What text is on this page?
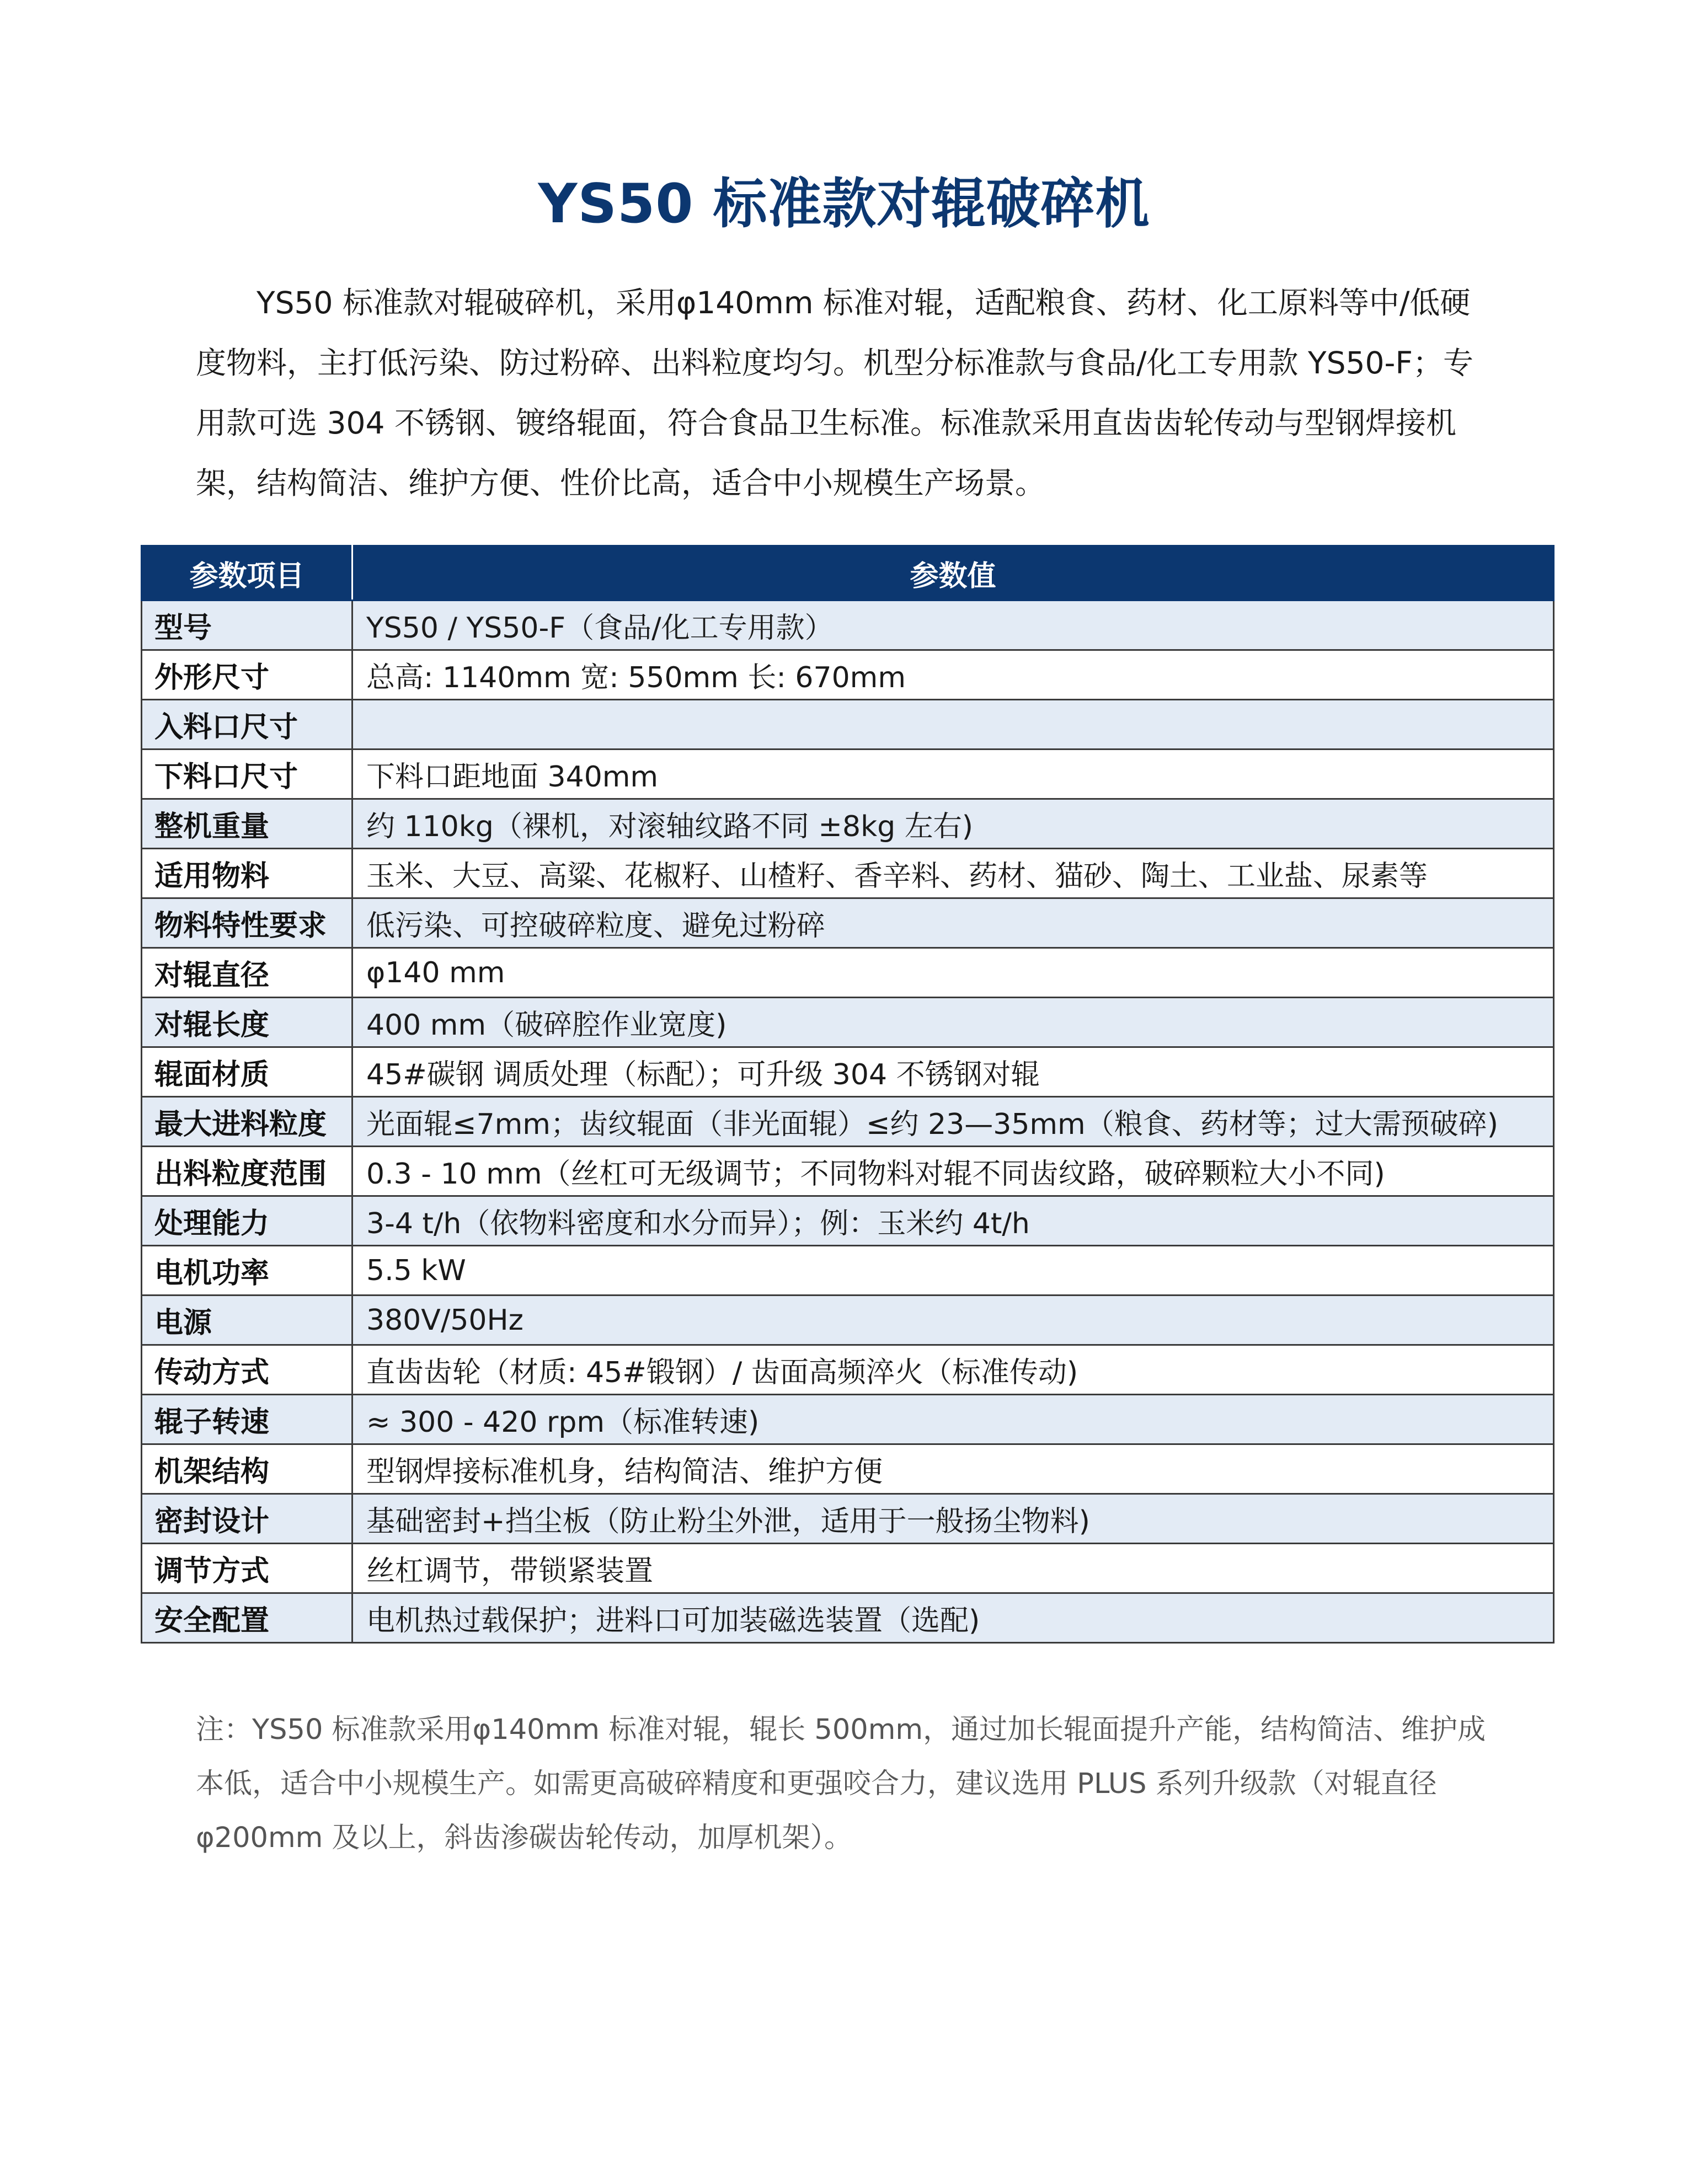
YS50 标准款对辊破碎机

YS50 标准款对辊破碎机，采用φ140mm 标准对辊，适配粮食、药材、化工原料等中/低硬度物料，主打低污染、防过粉碎、出料粒度均匀。机型分标准款与食品/化工专用款 YS50-F；专用款可选 304 不锈钢、镀络辊面，符合食品卫生标准。标准款采用直齿齿轮传动与型钢焊接机架，结构简洁、维护方便、性价比高，适合中小规模生产场景。

参数项目	参数值
型号	YS50 / YS50-F（食品/化工专用款）
外形尺寸	总高: 1140mm 宽: 550mm 长: 670mm
入料口尺寸	
下料口尺寸	下料口距地面 340mm
整机重量	约 110kg（裸机，对滚轴纹路不同 ±8kg 左右)
适用物料	玉米、大豆、高粱、花椒籽、山楂籽、香辛料、药材、猫砂、陶土、工业盐、尿素等
物料特性要求	低污染、可控破碎粒度、避免过粉碎
对辊直径	φ140 mm
对辊长度	400 mm（破碎腔作业宽度)
辊面材质	45#碳钢 调质处理（标配）；可升级 304 不锈钢对辊
最大进料粒度	光面辊≤7mm；齿纹辊面（非光面辊）≤约 23—35mm（粮食、药材等；过大需预破碎)
出料粒度范围	0.3 - 10 mm（丝杠可无级调节；不同物料对辊不同齿纹路，破碎颗粒大小不同)
处理能力	3-4 t/h（依物料密度和水分而异）；例：玉米约 4t/h
电机功率	5.5 kW
电源	380V/50Hz
传动方式	直齿齿轮（材质: 45#锻钢）/ 齿面高频淬火（标准传动)
辊子转速	≈ 300 - 420 rpm（标准转速)
机架结构	型钢焊接标准机身，结构简洁、维护方便
密封设计	基础密封+挡尘板（防止粉尘外泄，适用于一般扬尘物料)
调节方式	丝杠调节，带锁紧装置
安全配置	电机热过载保护；进料口可加装磁选装置（选配)

注：YS50 标准款采用φ140mm 标准对辊，辊长 500mm，通过加长辊面提升产能，结构简洁、维护成本低，适合中小规模生产。如需更高破碎精度和更强咬合力，建议选用 PLUS 系列升级款（对辊直径φ200mm 及以上，斜齿渗碳齿轮传动，加厚机架）。
